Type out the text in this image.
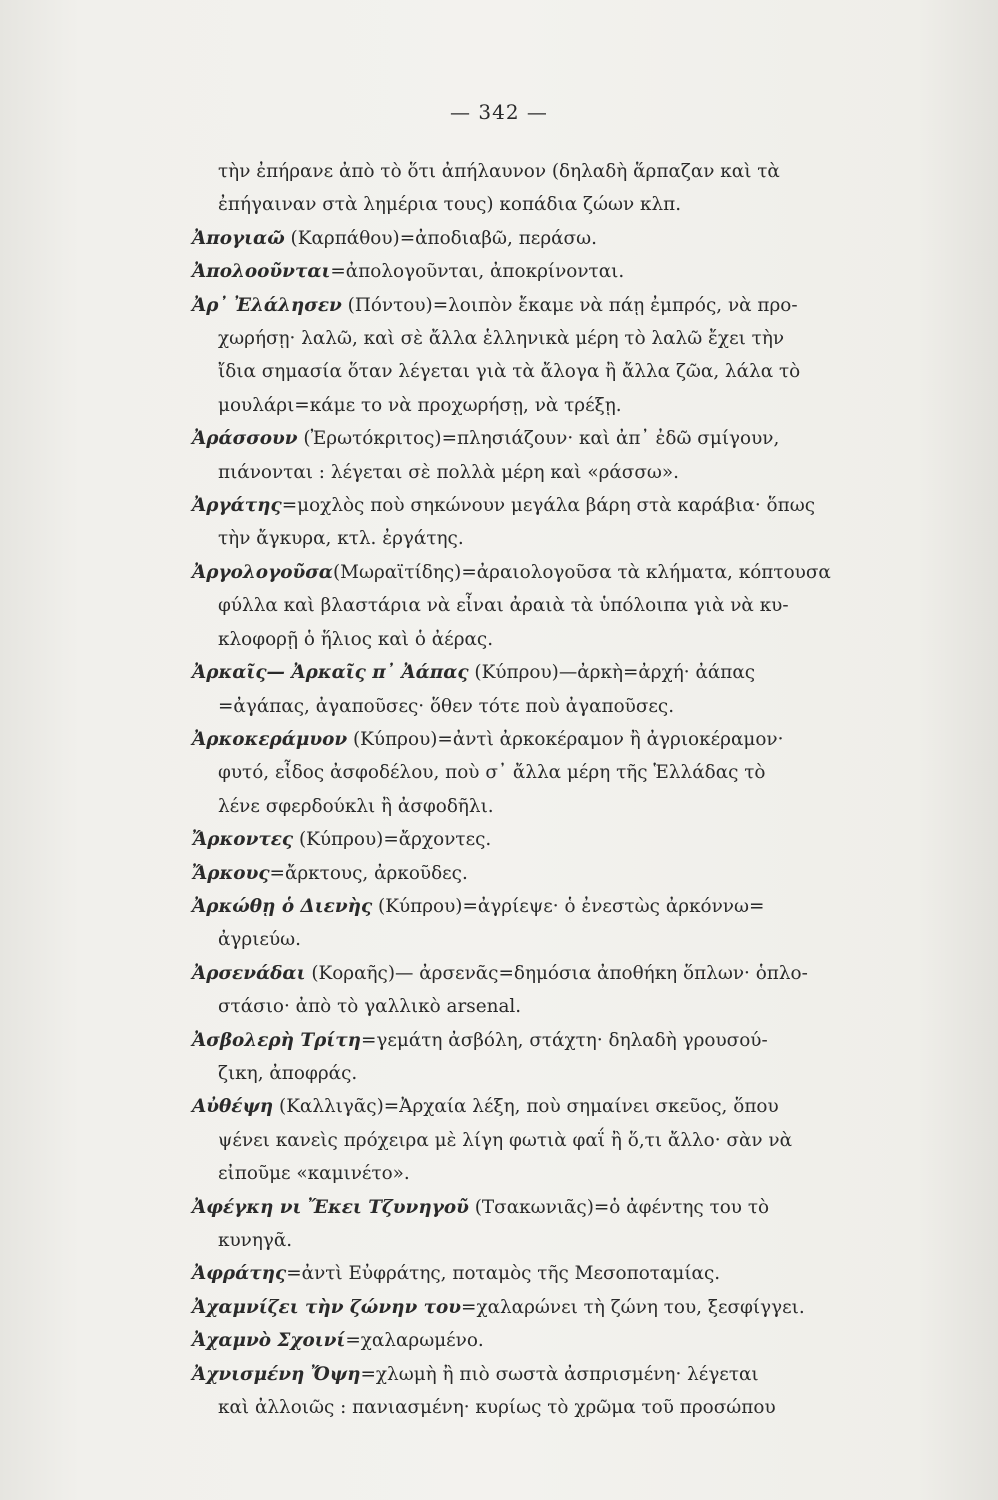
— 342 —
τὴν ἐπήρανε ἀπὸ τὸ ὅτι ἀπήλαυνον (δηλαδὴ ἅρπαζαν καὶ τὰ
ἐπήγαιναν στὰ λημέρια τους) κοπάδια ζώων κλπ.
Ἀπογιαῶ (Καρπάθου)=ἀποδιαβῶ, περάσω.
Ἀπολοοῦνται=ἀπολογοῦνται, ἀποκρίνονται.
Ἀρ᾽ Ἐλάλησεν (Πόντου)=λοιπὸν ἔκαμε νὰ πάῃ ἐμπρός, νὰ προ-
χωρήσῃ· λαλῶ, καὶ σὲ ἄλλα ἑλληνικὰ μέρη τὸ λαλῶ ἔχει τὴν
ἴδια σημασία ὅταν λέγεται γιὰ τὰ ἄλογα ἢ ἄλλα ζῶα, λάλα τὸ
μουλάρι=κάμε το νὰ προχωρήσῃ, νὰ τρέξῃ.
Ἀράσσουν (Ἐρωτόκριτος)=πλησιάζουν· καὶ ἀπ᾽ ἐδῶ σμίγουν,
πιάνονται : λέγεται σὲ πολλὰ μέρη καὶ «ράσσω».
Ἀργάτης=μοχλὸς ποὺ σηκώνουν μεγάλα βάρη στὰ καράβια· ὅπως
τὴν ἄγκυρα, κτλ. ἐργάτης.
Ἀργολογοῦσα(Μωραϊτίδης)=ἀραιολογοῦσα τὰ κλήματα, κόπτουσα
φύλλα καὶ βλαστάρια νὰ εἶναι ἀραιὰ τὰ ὑπόλοιπα γιὰ νὰ κυ-
κλοφορῇ ὁ ἥλιος καὶ ὁ ἀέρας.
Ἀρκαῖς— Ἀρκαῖς π᾽ Ἀάπας (Κύπρου)—ἀρκὴ=ἀρχή· ἀάπας
=ἀγάπας, ἀγαποῦσες· ὅθεν τότε ποὺ ἀγαποῦσες.
Ἀρκοκεράμυον (Κύπρου)=ἀντὶ ἀρκοκέραμον ἢ ἀγριοκέραμον·
φυτό, εἶδος ἀσφοδέλου, ποὺ σ᾽ ἄλλα μέρη τῆς Ἑλλάδας τὸ
λένε σφερδούκλι ἢ ἀσφοδῆλι.
Ἄρκοντες (Κύπρου)=ἄρχοντες.
Ἄρκους=ἄρκτους, ἀρκοῦδες.
Ἀρκώθῃ ὁ Διενὴς (Κύπρου)=ἀγρίεψε· ὁ ἐνεστὼς ἀρκόννω=
ἀγριεύω.
Ἀρσενάδαι (Κοραῆς)— ἀρσενᾶς=δημόσια ἀποθήκη ὅπλων· ὁπλο-
στάσιο· ἀπὸ τὸ γαλλικὸ arsenal.
Ἀσβολερὴ Τρίτη=γεμάτη ἀσβόλη, στάχτη· δηλαδὴ γρουσού-
ζικη, ἀποφράς.
Αὐθέψη (Καλλιγᾶς)=Ἀρχαία λέξη, ποὺ σημαίνει σκεῦος, ὅπου
ψένει κανεὶς πρόχειρα μὲ λίγη φωτιὰ φαΐ ἢ ὅ,τι ἄλλο· σὰν νὰ
εἰποῦμε «καμινέτο».
Ἀφέγκη νι Ἔκει Τζυνηγοῦ (Τσακωνιᾶς)=ὁ ἀφέντης του τὸ
κυνηγᾶ.
Ἀφράτης=ἀντὶ Εὐφράτης, ποταμὸς τῆς Μεσοποταμίας.
Ἀχαμνίζει τὴν ζώνην του=χαλαρώνει τὴ ζώνη του, ξεσφίγγει.
Ἀχαμνὸ Σχοινί=χαλαρωμένο.
Ἀχνισμένη Ὄψη=χλωμὴ ἢ πιὸ σωστὰ ἀσπρισμένη· λέγεται
καὶ ἀλλοιῶς : πανιασμένη· κυρίως τὸ χρῶμα τοῦ προσώπου
